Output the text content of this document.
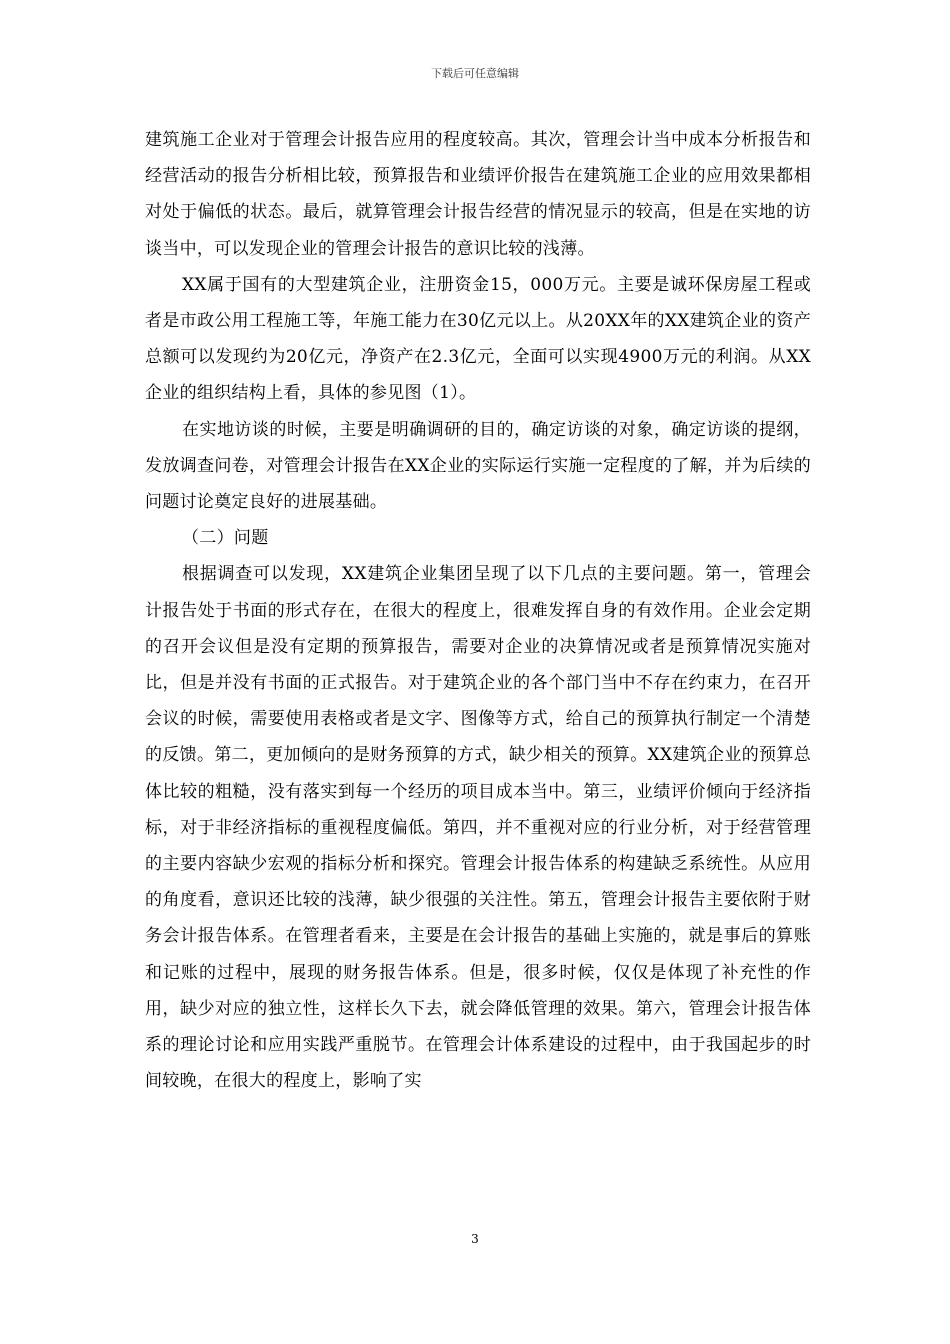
下载后可任意编辑

建筑施工企业对于管理会计报告应用的程度较高。其次，管理会计当中成本分析报告和经营活动的报告分析相比较，预算报告和业绩评价报告在建筑施工企业的应用效果都相对处于偏低的状态。最后，就算管理会计报告经营的情况显示的较高，但是在实地的访谈当中，可以发现企业的管理会计报告的意识比较的浅薄。

XX属于国有的大型建筑企业，注册资金15，000万元。主要是诚环保房屋工程或者是市政公用工程施工等，年施工能力在30亿元以上。从20XX年的XX建筑企业的资产总额可以发现约为20亿元，净资产在2.3亿元，全面可以实现4900万元的利润。从XX企业的组织结构上看，具体的参见图（1）。

在实地访谈的时候，主要是明确调研的目的，确定访谈的对象，确定访谈的提纲，发放调查问卷，对管理会计报告在XX企业的实际运行实施一定程度的了解，并为后续的问题讨论奠定良好的进展基础。

（二）问题

根据调查可以发现，XX建筑企业集团呈现了以下几点的主要问题。第一，管理会计报告处于书面的形式存在，在很大的程度上，很难发挥自身的有效作用。企业会定期的召开会议但是没有定期的预算报告，需要对企业的决算情况或者是预算情况实施对比，但是并没有书面的正式报告。对于建筑企业的各个部门当中不存在约束力，在召开会议的时候，需要使用表格或者是文字、图像等方式，给自己的预算执行制定一个清楚的反馈。第二，更加倾向的是财务预算的方式，缺少相关的预算。XX建筑企业的预算总体比较的粗糙，没有落实到每一个经历的项目成本当中。第三，业绩评价倾向于经济指标，对于非经济指标的重视程度偏低。第四，并不重视对应的行业分析，对于经营管理的主要内容缺少宏观的指标分析和探究。管理会计报告体系的构建缺乏系统性。从应用的角度看，意识还比较的浅薄，缺少很强的关注性。第五，管理会计报告主要依附于财务会计报告体系。在管理者看来，主要是在会计报告的基础上实施的，就是事后的算账和记账的过程中，展现的财务报告体系。但是，很多时候，仅仅是体现了补充性的作用，缺少对应的独立性，这样长久下去，就会降低管理的效果。第六，管理会计报告体系的理论讨论和应用实践严重脱节。在管理会计体系建设的过程中，由于我国起步的时间较晚，在很大的程度上，影响了实

3
